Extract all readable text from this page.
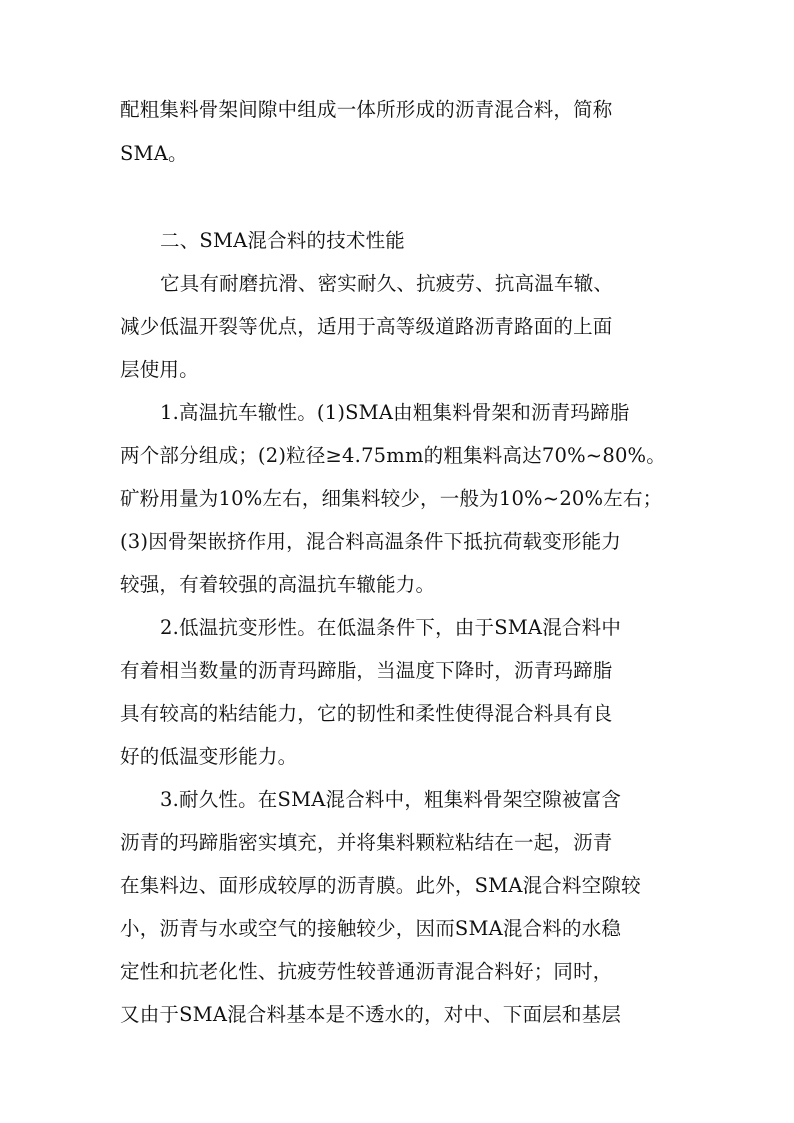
配粗集料骨架间隙中组成一体所形成的沥青混合料，简称
SMA。
二、SMA混合料的技术性能
它具有耐磨抗滑、密实耐久、抗疲劳、抗高温车辙、
减少低温开裂等优点，适用于高等级道路沥青路面的上面
层使用。
1.高温抗车辙性。(1)SMA由粗集料骨架和沥青玛蹄脂
两个部分组成；(2)粒径≥4.75mm的粗集料高达70%~80%。
矿粉用量为10%左右，细集料较少，一般为10%~20%左右；
(3)因骨架嵌挤作用，混合料高温条件下抵抗荷载变形能力
较强，有着较强的高温抗车辙能力。
2.低温抗变形性。在低温条件下，由于SMA混合料中
有着相当数量的沥青玛蹄脂，当温度下降时，沥青玛蹄脂
具有较高的粘结能力，它的韧性和柔性使得混合料具有良
好的低温变形能力。
3.耐久性。在SMA混合料中，粗集料骨架空隙被富含
沥青的玛蹄脂密实填充，并将集料颗粒粘结在一起，沥青
在集料边、面形成较厚的沥青膜。此外，SMA混合料空隙较
小，沥青与水或空气的接触较少，因而SMA混合料的水稳
定性和抗老化性、抗疲劳性较普通沥青混合料好；同时，
又由于SMA混合料基本是不透水的，对中、下面层和基层
